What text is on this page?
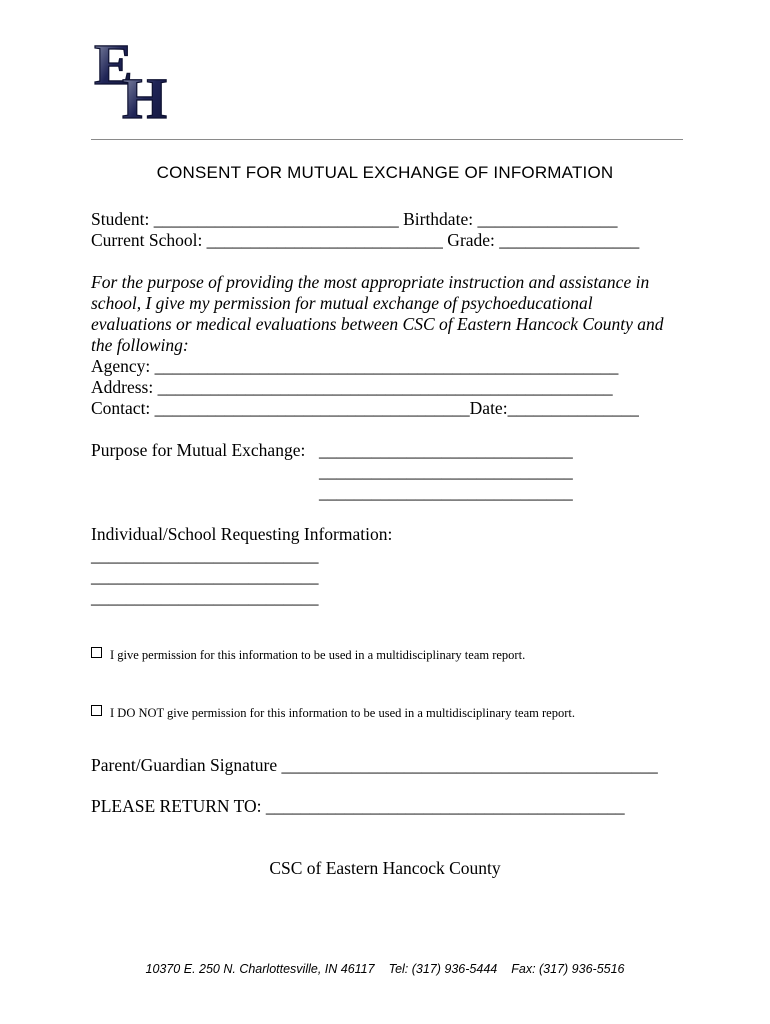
E
H
CONSENT FOR MUTUAL EXCHANGE OF INFORMATION
Student: ____________________________ Birthdate: ________________
Current School: ___________________________ Grade: ________________
For the purpose of providing the most appropriate instruction and assistance in
school, I give my permission for mutual exchange of psychoeducational
evaluations or medical evaluations between CSC of Eastern Hancock County and
the following:
Agency: _____________________________________________________
Address: ____________________________________________________
Contact: ____________________________________Date:_______________
Purpose for Mutual Exchange: _____________________________
_____________________________
_____________________________
Individual/School Requesting Information:
__________________________
__________________________
__________________________
I give permission for this information to be used in a multidisciplinary team report.
I DO NOT give permission for this information to be used in a multidisciplinary team report.
Parent/Guardian Signature ___________________________________________
PLEASE RETURN TO: _________________________________________
CSC of Eastern Hancock County
10370 E. 250 N. Charlottesville, IN 46117 Tel: (317) 936-5444 Fax: (317) 936-5516
